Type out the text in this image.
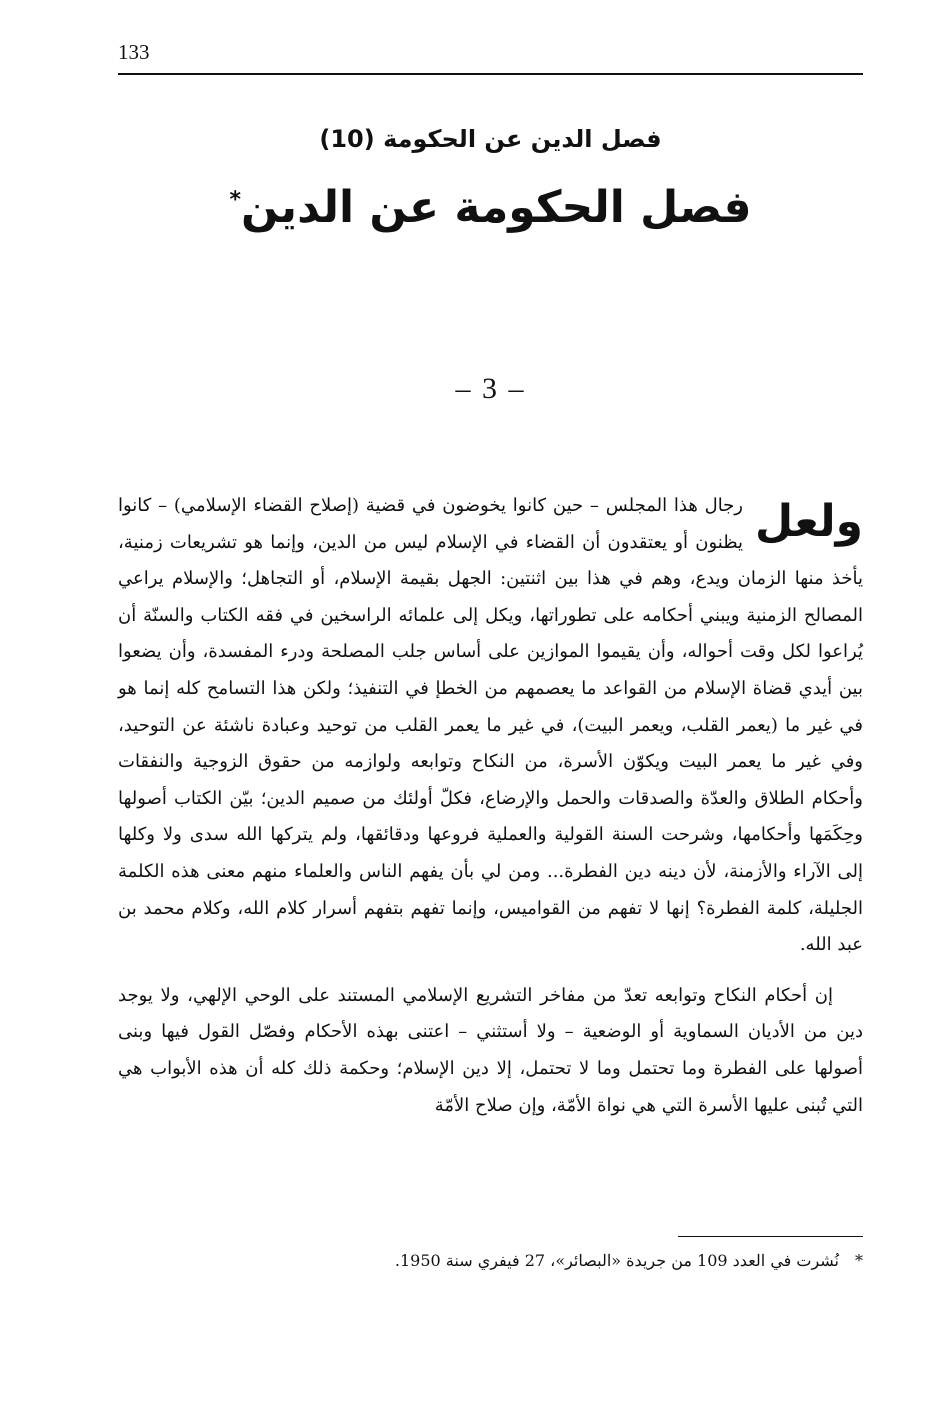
133
فصل الدين عن الحكومة (10)
فصل الحكومة عن الدين*
– 3 –

ولعل
رجال هذا المجلس – حين كانوا يخوضون في قضية (إصلاح القضاء الإسلامي) – كانوا يظنون أو يعتقدون أن القضاء في الإسلام ليس من الدين، وإنما هو تشريعات زمنية، يأخذ منها الزمان ويدع، وهم في هذا بين اثنتين: الجهل بقيمة الإسلام، أو التجاهل؛ والإسلام يراعي المصالح الزمنية ويبني أحكامه على تطوراتها، ويكل إلى علمائه الراسخين في فقه الكتاب والسنّة أن يُراعوا لكل وقت أحواله، وأن يقيموا الموازين على أساس جلب المصلحة ودرء المفسدة، وأن يضعوا بين أيدي قضاة الإسلام من القواعد ما يعصمهم من الخطإ في التنفيذ؛ ولكن هذا التسامح كله إنما هو في غير ما (يعمر القلب، ويعمر البيت)، في غير ما يعمر القلب من توحيد وعبادة ناشئة عن التوحيد، وفي غير ما يعمر البيت ويكوّن الأسرة، من النكاح وتوابعه ولوازمه من حقوق الزوجية والنفقات وأحكام الطلاق والعدّة والصدقات والحمل والإرضاع، فكلّ أولئك من صميم الدين؛ بيّن الكتاب أصولها وحِكَمَها وأحكامها، وشرحت السنة القولية والعملية فروعها ودقائقها، ولم يتركها الله سدى ولا وكلها إلى الآراء والأزمنة، لأن دينه دين الفطرة... ومن لي بأن يفهم الناس والعلماء منهم معنى هذه الكلمة الجليلة، كلمة الفطرة؟ إنها لا تفهم من القواميس، وإنما تفهم بتفهم أسرار كلام الله، وكلام محمد بن عبد الله.

إن أحكام النكاح وتوابعه تعدّ من مفاخر التشريع الإسلامي المستند على الوحي الإلهي، ولا يوجد دين من الأديان السماوية أو الوضعية – ولا أستثني – اعتنى بهذه الأحكام وفصّل القول فيها وبنى أصولها على الفطرة وما تحتمل وما لا تحتمل، إلا دين الإسلام؛ وحكمة ذلك كله أن هذه الأبواب هي التي تُبنى عليها الأسرة التي هي نواة الأمّة، وإن صلاح الأمّة

*نُشرت في العدد 109 من جريدة «البصائر»، 27 فيفري سنة 1950.
